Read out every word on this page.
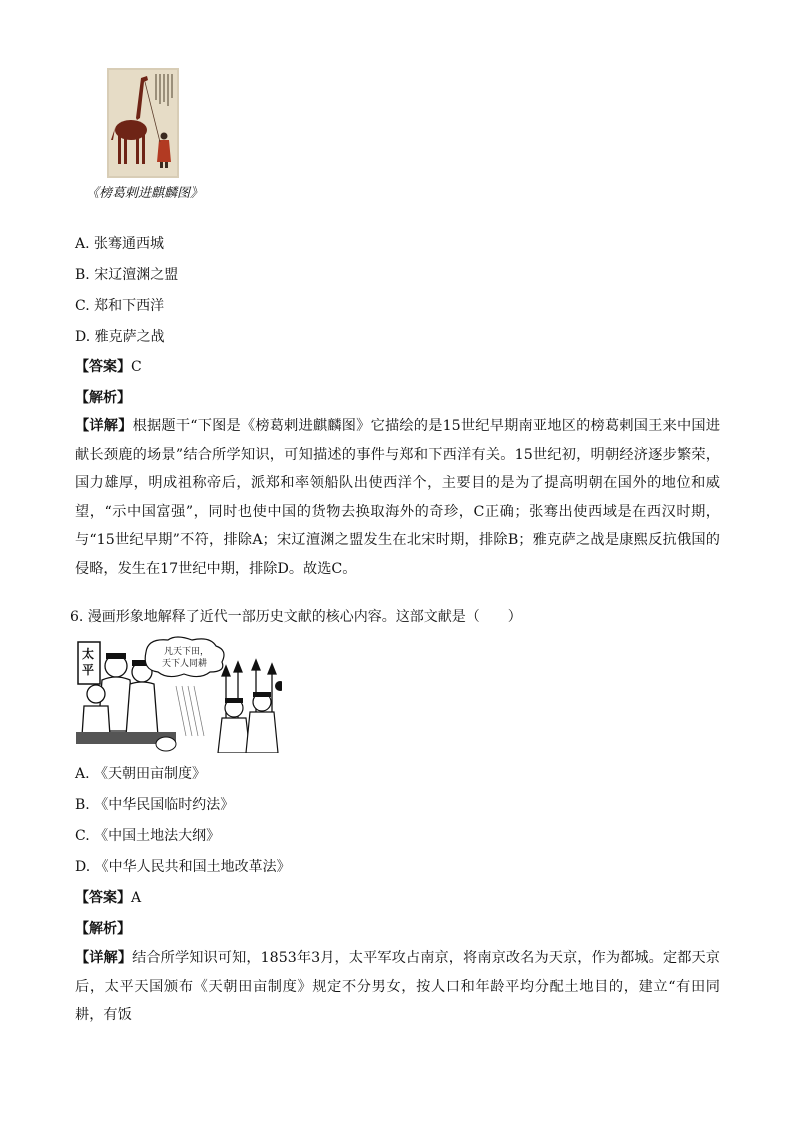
《榜葛剌进麒麟图》
A. 张骞通西城
B. 宋辽澶渊之盟
C. 郑和下西洋
D. 雅克萨之战
【答案】C
【解析】
【详解】根据题干“下图是《榜葛剌进麒麟图》它描绘的是15世纪早期南亚地区的榜葛剌国王来中国进献长颈鹿的场景”结合所学知识，可知描述的事件与郑和下西洋有关。15世纪初，明朝经济逐步繁荣，国力雄厚，明成祖称帝后，派郑和率领船队出使西洋个，主要目的是为了提高明朝在国外的地位和威望，“示中国富强”，同时也使中国的货物去换取海外的奇珍，C正确；张骞出使西域是在西汉时期，与“15世纪早期”不符，排除A；宋辽澶渊之盟发生在北宋时期，排除B；雅克萨之战是康熙反抗俄国的侵略，发生在17世纪中期，排除D。故选C。
6. 漫画形象地解释了近代一部历史文献的核心内容。这部文献是（　　）
太
平
凡天下田，
天下人同耕
A. 《天朝田亩制度》
B. 《中华民国临时约法》
C. 《中国土地法大纲》
D. 《中华人民共和国土地改革法》
【答案】A
【解析】
【详解】结合所学知识可知，1853年3月，太平军攻占南京，将南京改名为天京，作为都城。定都天京后，太平天国颁布《天朝田亩制度》规定不分男女，按人口和年龄平均分配土地目的，建立“有田同耕，有饭
